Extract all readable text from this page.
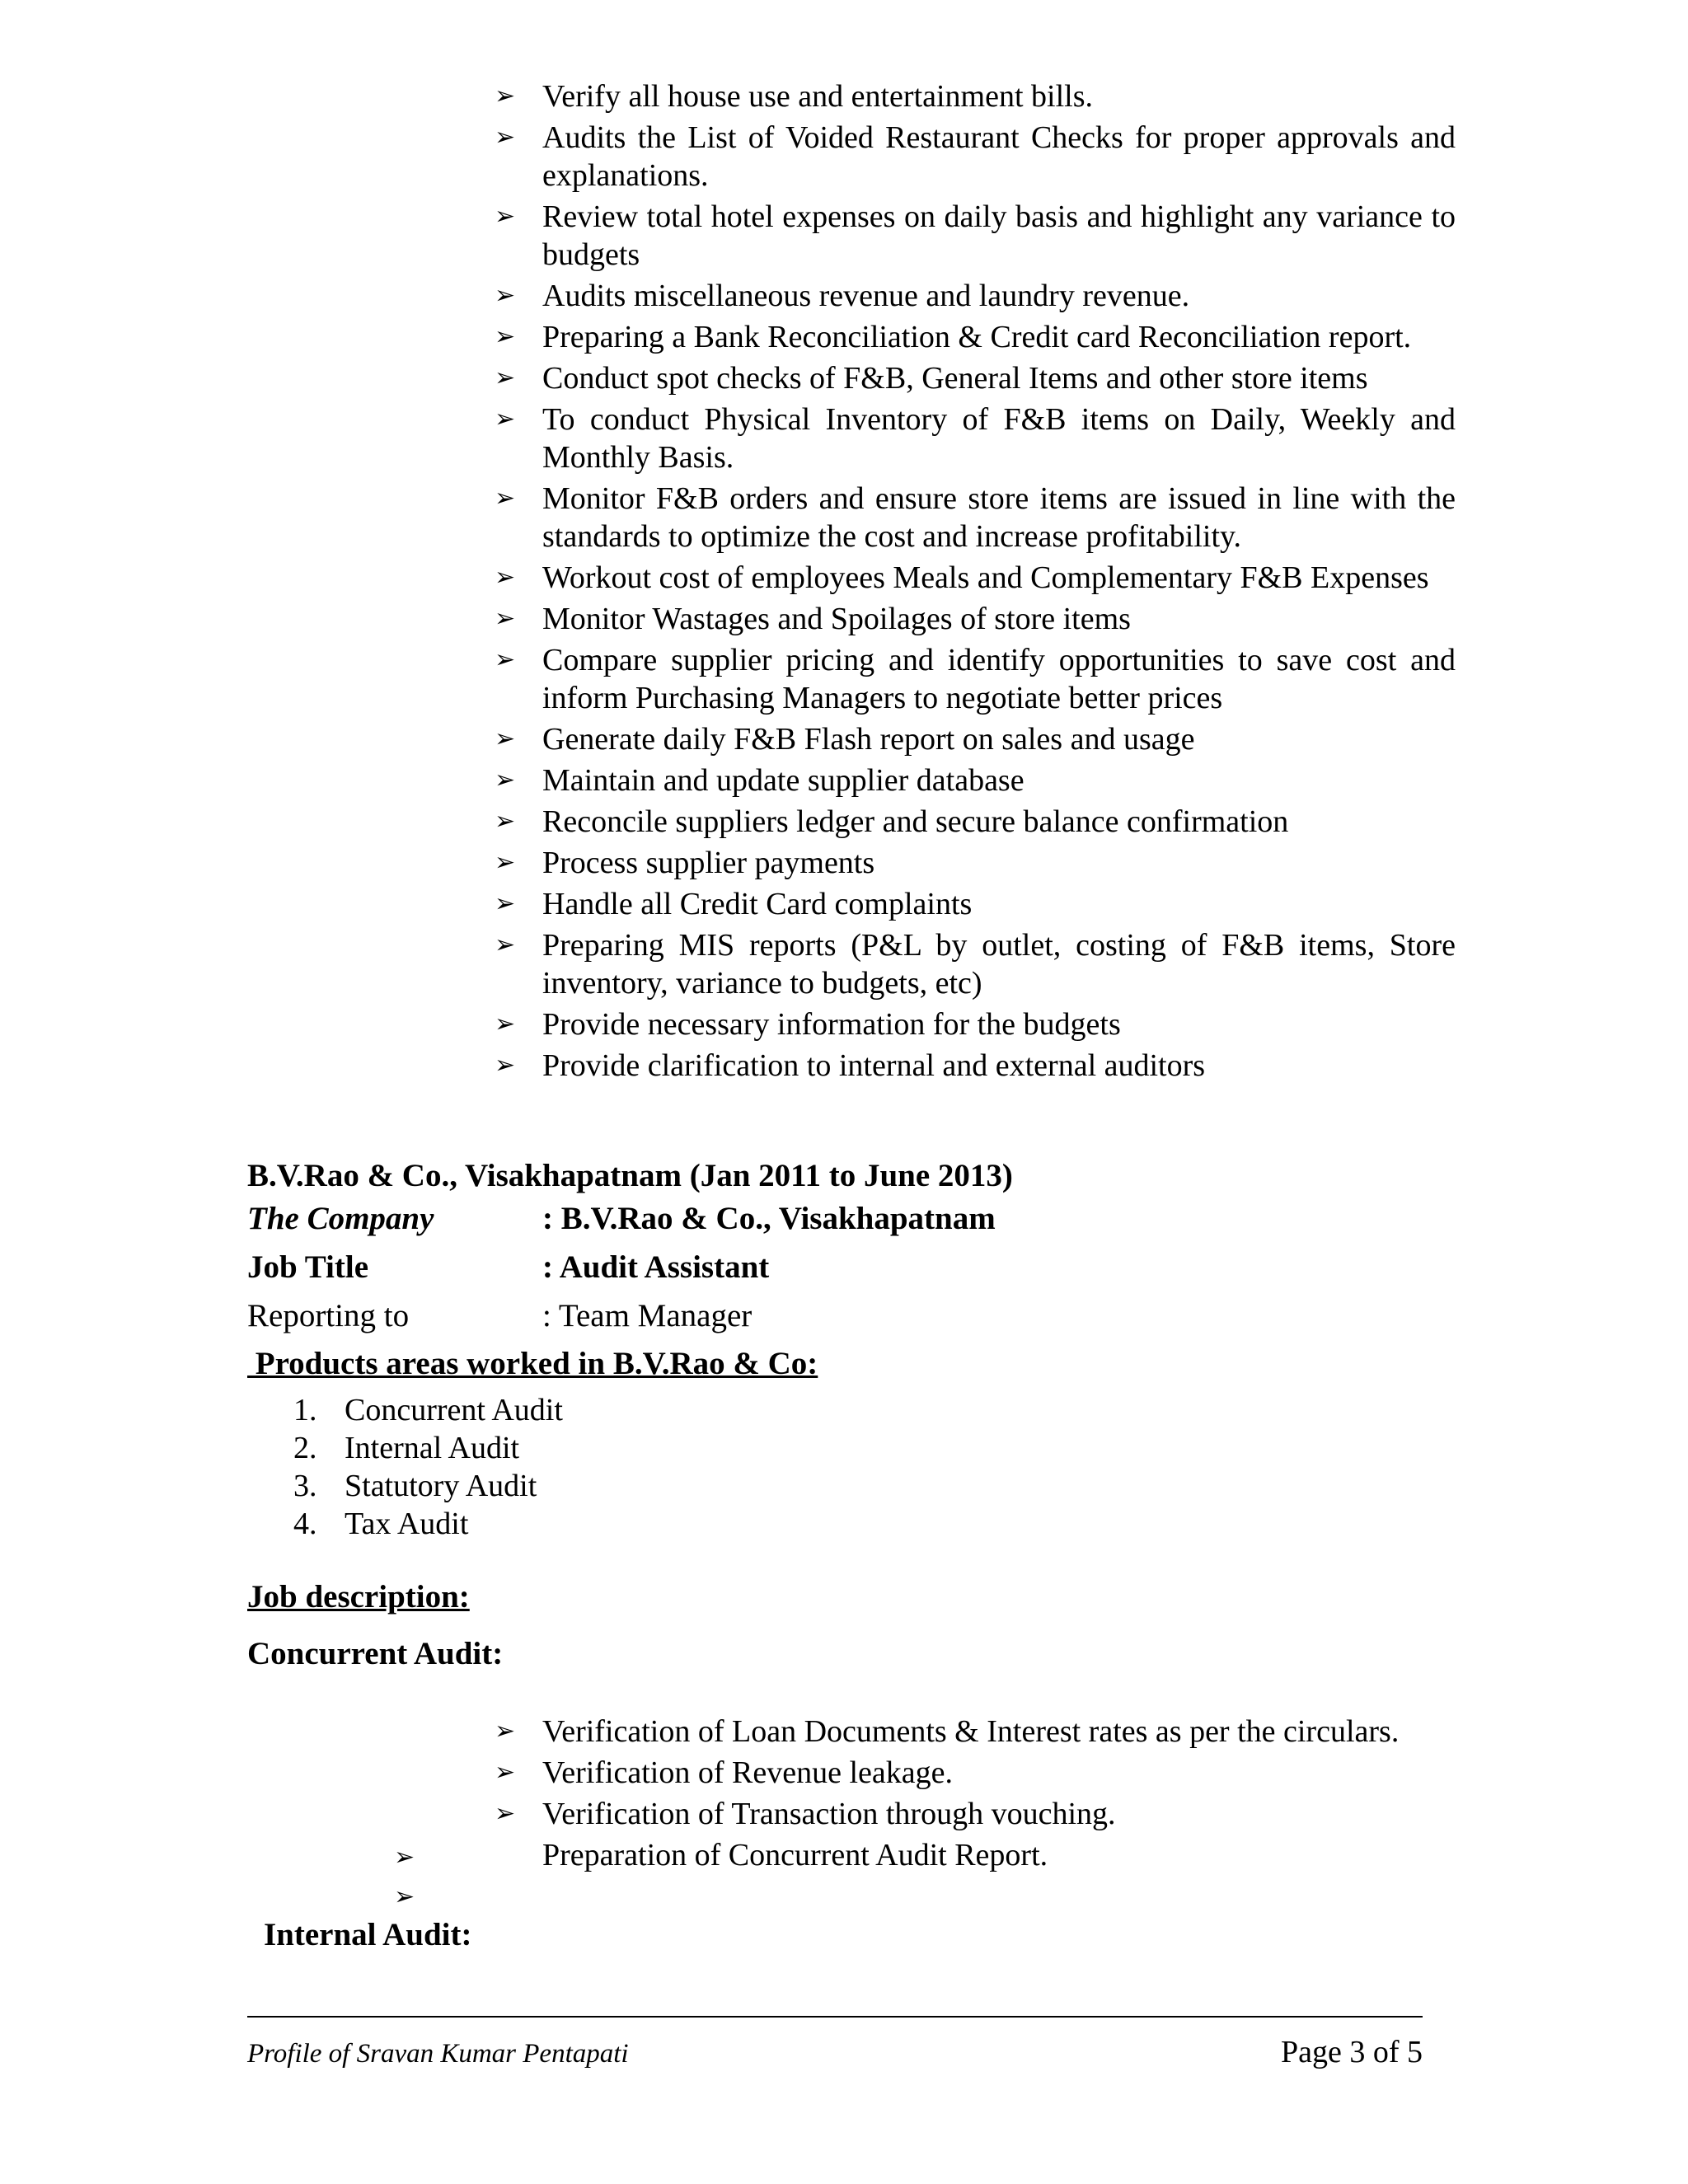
➢ Verify all house use and entertainment bills.
➢ Audits the List of Voided Restaurant Checks for proper approvals and explanations.
➢ Review total hotel expenses on daily basis and highlight any variance to budgets
➢ Audits miscellaneous revenue and laundry revenue.
➢ Preparing a Bank Reconciliation & Credit card Reconciliation report.
➢ Conduct spot checks of F&B, General Items and other store items
➢ To conduct Physical Inventory of F&B items on Daily, Weekly and Monthly Basis.
➢ Monitor F&B orders and ensure store items are issued in line with the standards to optimize the cost and increase profitability.
➢ Workout cost of employees Meals and Complementary F&B Expenses
➢ Monitor Wastages and Spoilages of store items
➢ Compare supplier pricing and identify opportunities to save cost and inform Purchasing Managers to negotiate better prices
➢ Generate daily F&B Flash report on sales and usage
➢ Maintain and update supplier database
➢ Reconcile suppliers ledger and secure balance confirmation
➢ Process supplier payments
➢ Handle all Credit Card complaints
➢ Preparing MIS reports (P&L by outlet, costing of F&B items, Store inventory, variance to budgets, etc)
➢ Provide necessary information for the budgets
➢ Provide clarification to internal and external auditors
B.V.Rao & Co., Visakhapatnam (Jan 2011 to June 2013)
The Company	: B.V.Rao & Co., Visakhapatnam
Job Title	: Audit Assistant
Reporting to	: Team Manager
Products areas worked in B.V.Rao & Co:
1. Concurrent Audit
2. Internal Audit
3. Statutory Audit
4. Tax Audit
Job description:
Concurrent Audit:
➢ Verification of Loan Documents & Interest rates as per the circulars.
➢ Verification of Revenue leakage.
➢ Verification of Transaction through vouching.
➢	Preparation of Concurrent Audit Report.
➢
Internal Audit:
Profile of Sravan Kumar Pentapati	Page 3 of 5
